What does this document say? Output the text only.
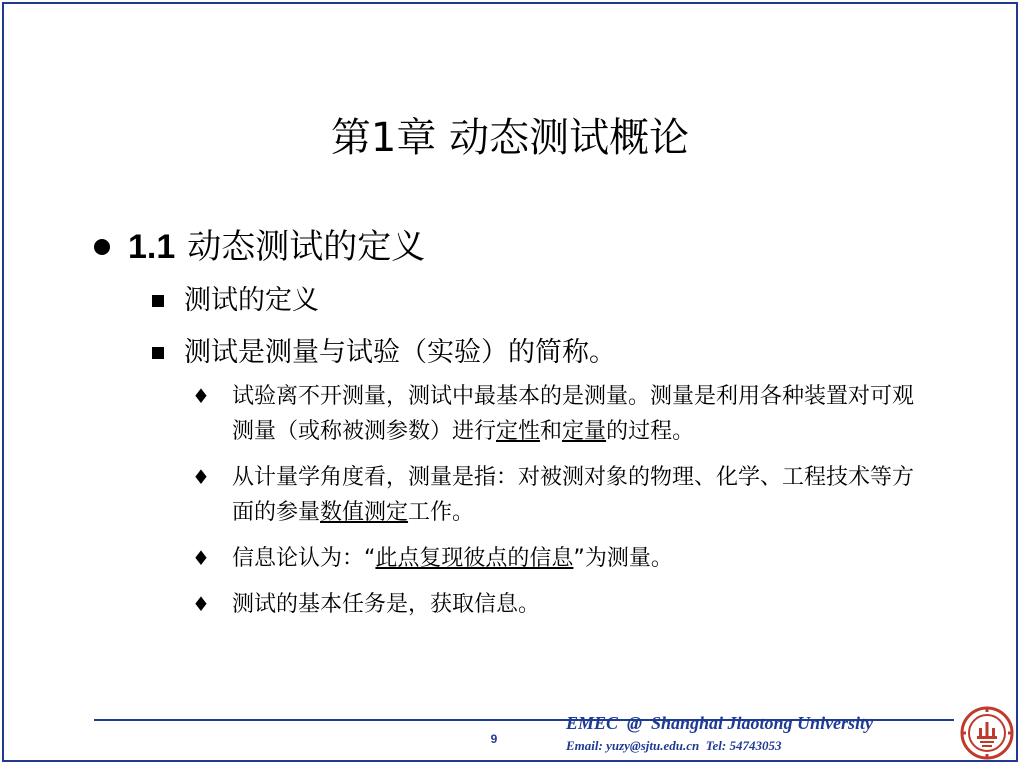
第1章 动态测试概论
1.1 动态测试的定义
测试的定义
测试是测量与试验（实验）的简称。
♦	试验离不开测量，测试中最基本的是测量。测量是利用各种装置对可观测量（或称被测参数）进行定性和定量的过程。
♦	从计量学角度看，测量是指：对被测对象的物理、化学、工程技术等方面的参量数值测定工作。
♦	信息论认为：“此点复现彼点的信息”为测量。
♦	测试的基本任务是，获取信息。
9
EMEC  @  Shanghai Jiaotong University
Email: yuzy@sjtu.edu.cn  Tel: 54743053
